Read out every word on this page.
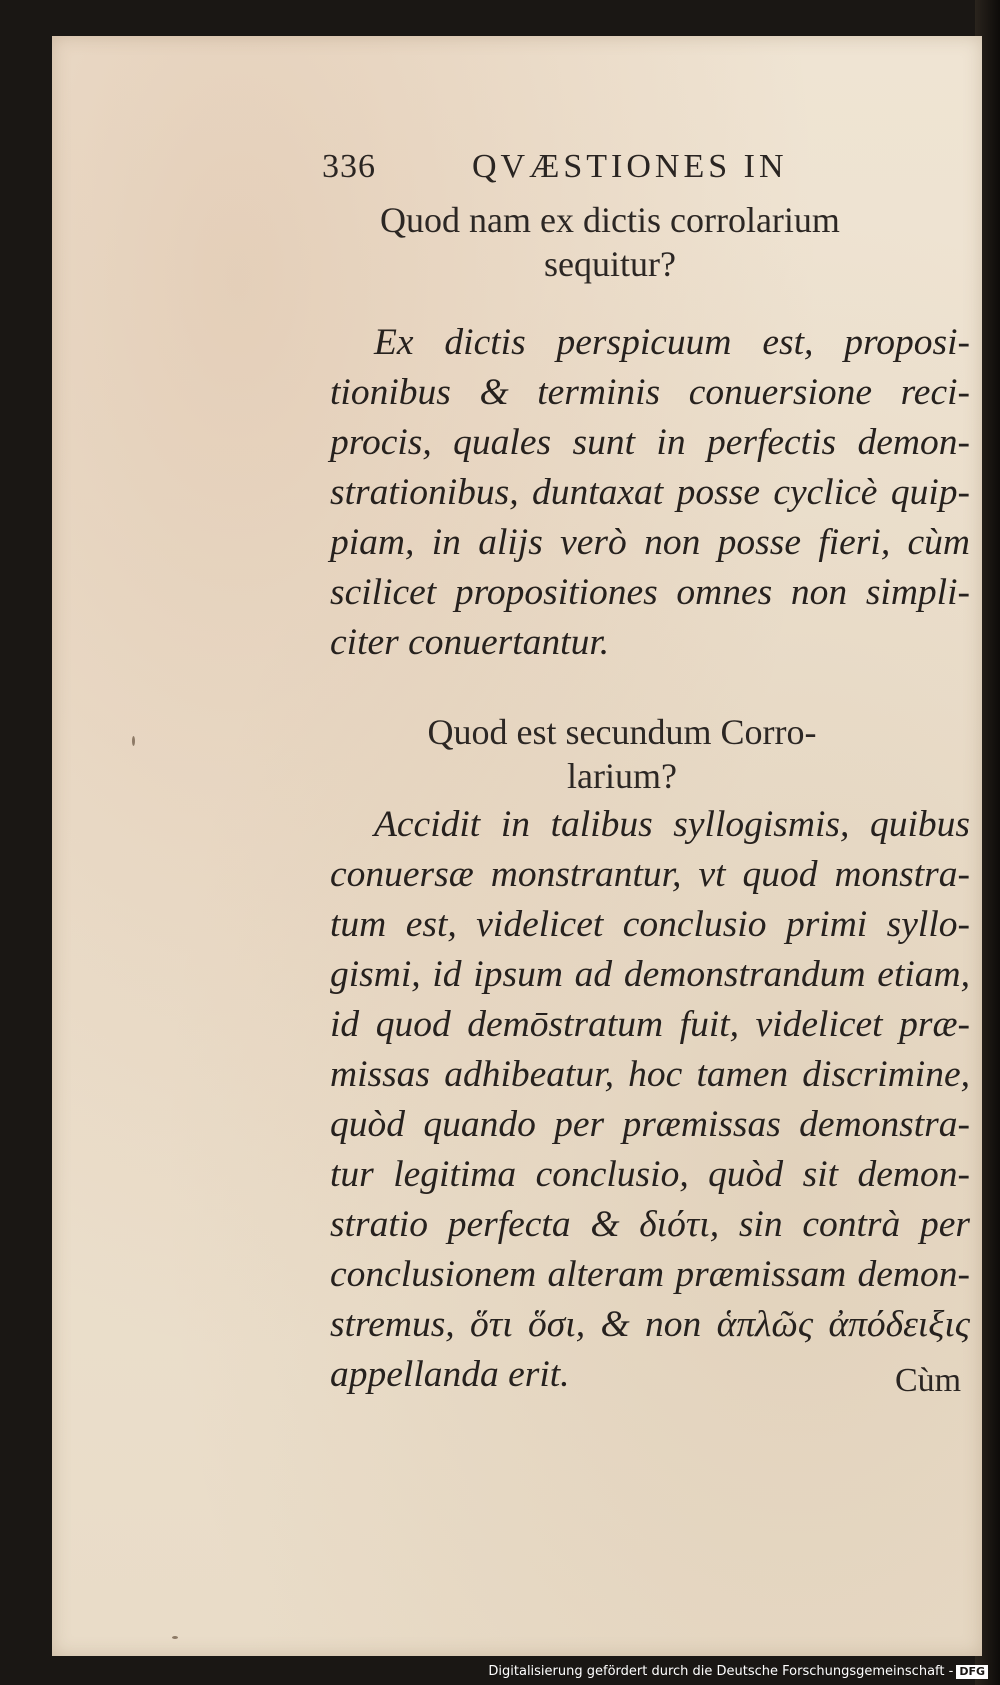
336	QVÆSTIONES IN
Quod nam ex dictis corrolarium
sequitur?
Ex dictis perspicuum est, proposi-
tionibus & terminis conuersione reci-
procis, quales sunt in perfectis demon-
strationibus, duntaxat posse cyclicè quip-
piam, in alijs verò non posse fieri, cùm
scilicet propositiones omnes non simpli-
citer conuertantur.
Quod est secundum Corro-
larium?
Accidit in talibus syllogismis, quibus
conuersæ monstrantur, vt quod monstra-
tum est, videlicet conclusio primi syllo-
gismi, id ipsum ad demonstrandum etiam,
id quod demōstratum fuit, videlicet præ-
missas adhibeatur, hoc tamen discrimine,
quòd quando per præmissas demonstra-
tur legitima conclusio, quòd sit demon-
stratio perfecta & διότι, sin contrà per
conclusionem alteram præmissam demon-
stremus, ὅτι ὅσι, & non ἁπλῶς ἀπόδειξις
appellanda erit.	Cùm
Digitalisierung gefördert durch die Deutsche Forschungsgemeinschaft - DFG
